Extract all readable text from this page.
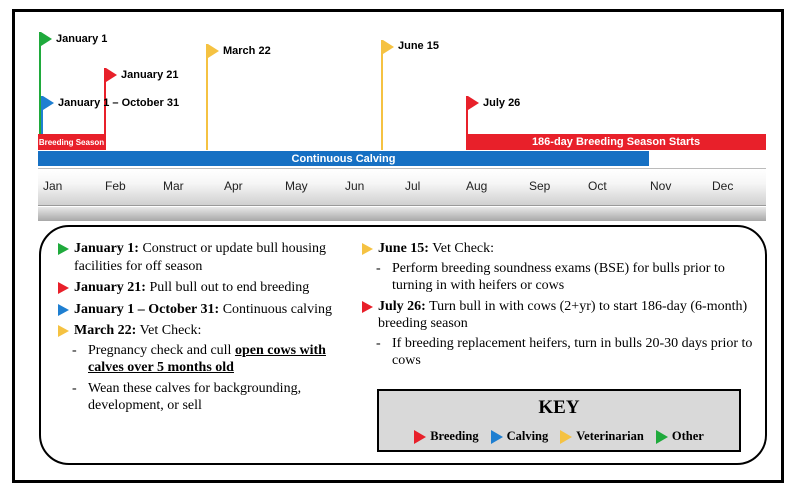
January 1
January 21
January 1 – October 31
March 22	June 15
July 26
Breeding Season	186-day Breeding Season Starts
Continuous Calving
Jan	Feb	Mar	Apr	May	Jun	Jul	Aug	Sep	Oct	Nov	Dec
January 1: Construct or update bull housing facilities for off season
January 21: Pull bull out to end breeding
January 1 – October 31: Continuous calving
March 22: Vet Check:
- Pregnancy check and cull open cows with calves over 5 months old
- Wean these calves for backgrounding, development, or sell
June 15: Vet Check:
- Perform breeding soundness exams (BSE) for bulls prior to turning in with heifers or cows
July 26: Turn bull in with cows (2+yr) to start 186-day (6-month) breeding season
- If breeding replacement heifers, turn in bulls 20-30 days prior to cows
KEY
Breeding Calving Veterinarian Other
